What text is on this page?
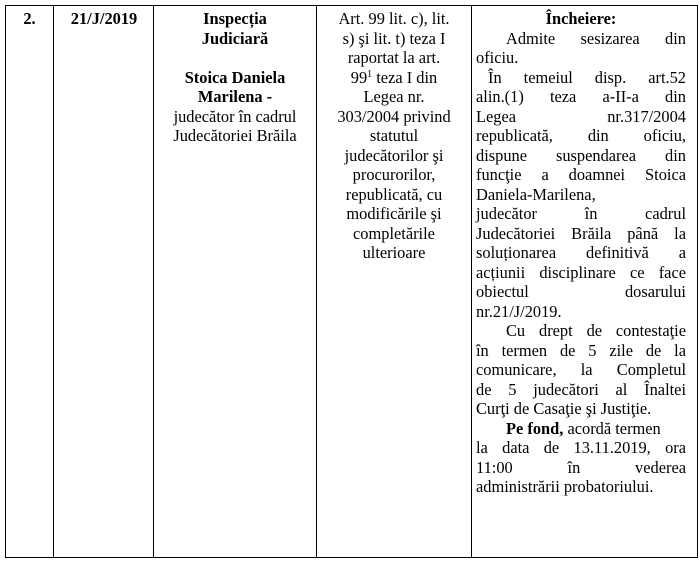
2.	21/J/2019	Inspecția
Judiciară
Stoica Daniela
Marilena -
judecător în cadrul
Judecătoriei Brăila
Art. 99 lit. c), lit.
s) şi lit. t) teza I
raportat la art.
$99^1$ teza I din
Legea nr.
303/2004 privind
statutul
judecătorilor şi
procurorilor,
republicată, cu
modificările şi
completările
ulterioare
Încheiere:
Admite sesizarea din
oficiu.
În temeiul disp. art.52
alin.(1) teza a-II-a din
Legea nr.317/2004
republicată, din oficiu,
dispune suspendarea din
funcţie a doamnei Stoica
Daniela-Marilena,
judecător în cadrul
Judecătoriei Brăila până la
soluționarea definitivă a
acțiunii disciplinare ce face
obiectul dosarului
nr.21/J/2019.
Cu drept de contestaţie
în termen de 5 zile de la
comunicare, la Completul
de 5 judecători al Înaltei
Curţi de Casaţie şi Justiţie.
Pe fond, acordă termen
la data de 13.11.2019, ora
11:00 în vederea
administrării probatoriului.
